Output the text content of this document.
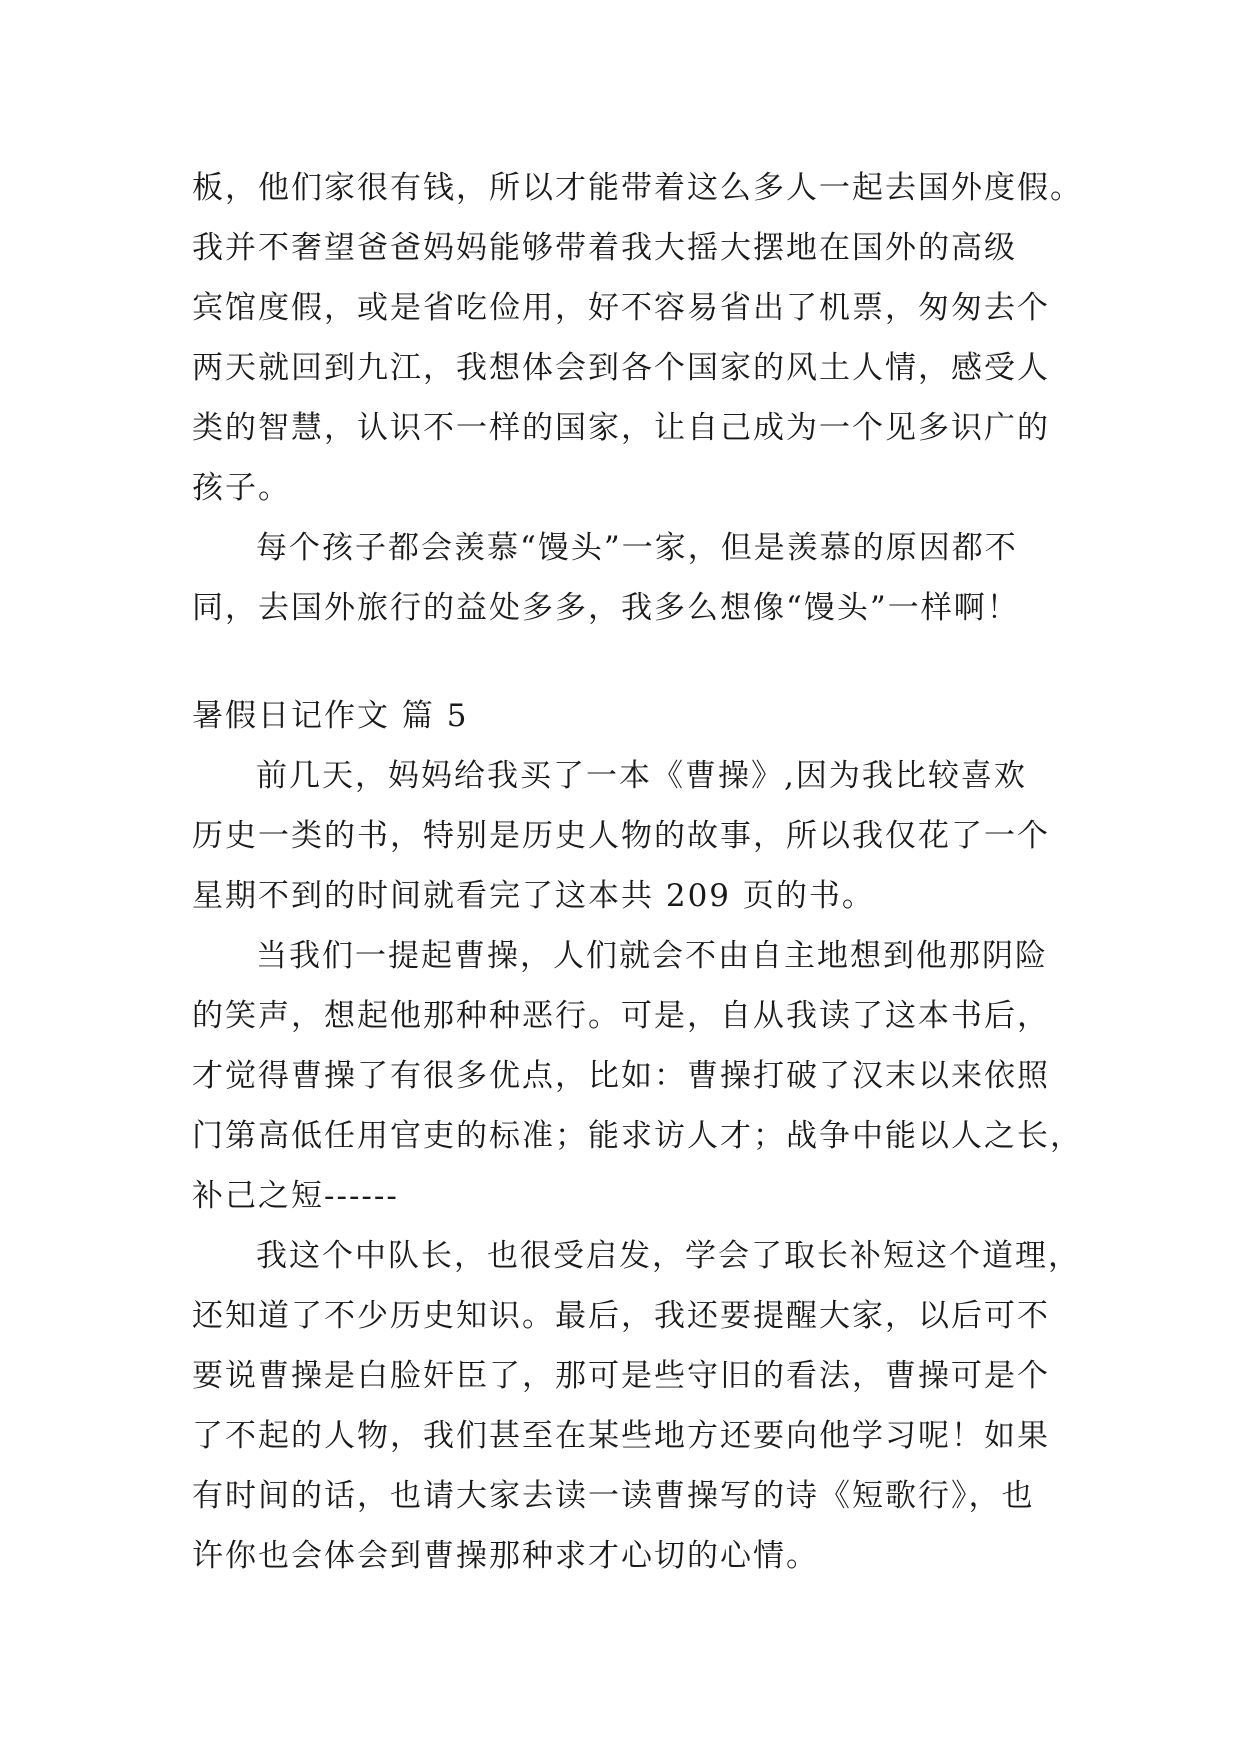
板，他们家很有钱，所以才能带着这么多人一起去国外度假。
我并不奢望爸爸妈妈能够带着我大摇大摆地在国外的高级
宾馆度假，或是省吃俭用，好不容易省出了机票，匆匆去个
两天就回到九江，我想体会到各个国家的风土人情，感受人
类的智慧，认识不一样的国家，让自己成为一个见多识广的
孩子。
每个孩子都会羡慕“馒头”一家，但是羡慕的原因都不
同，去国外旅行的益处多多，我多么想像“馒头”一样啊！
暑假日记作文 篇 5
前几天，妈妈给我买了一本《曹操》,因为我比较喜欢
历史一类的书，特别是历史人物的故事，所以我仅花了一个
星期不到的时间就看完了这本共 209 页的书。
当我们一提起曹操，人们就会不由自主地想到他那阴险
的笑声，想起他那种种恶行。可是，自从我读了这本书后，
才觉得曹操了有很多优点，比如：曹操打破了汉末以来依照
门第高低任用官吏的标准；能求访人才；战争中能以人之长，
补己之短------
我这个中队长，也很受启发，学会了取长补短这个道理，
还知道了不少历史知识。最后，我还要提醒大家，以后可不
要说曹操是白脸奸臣了，那可是些守旧的看法，曹操可是个
了不起的人物，我们甚至在某些地方还要向他学习呢！如果
有时间的话，也请大家去读一读曹操写的诗《短歌行》，也
许你也会体会到曹操那种求才心切的心情。
